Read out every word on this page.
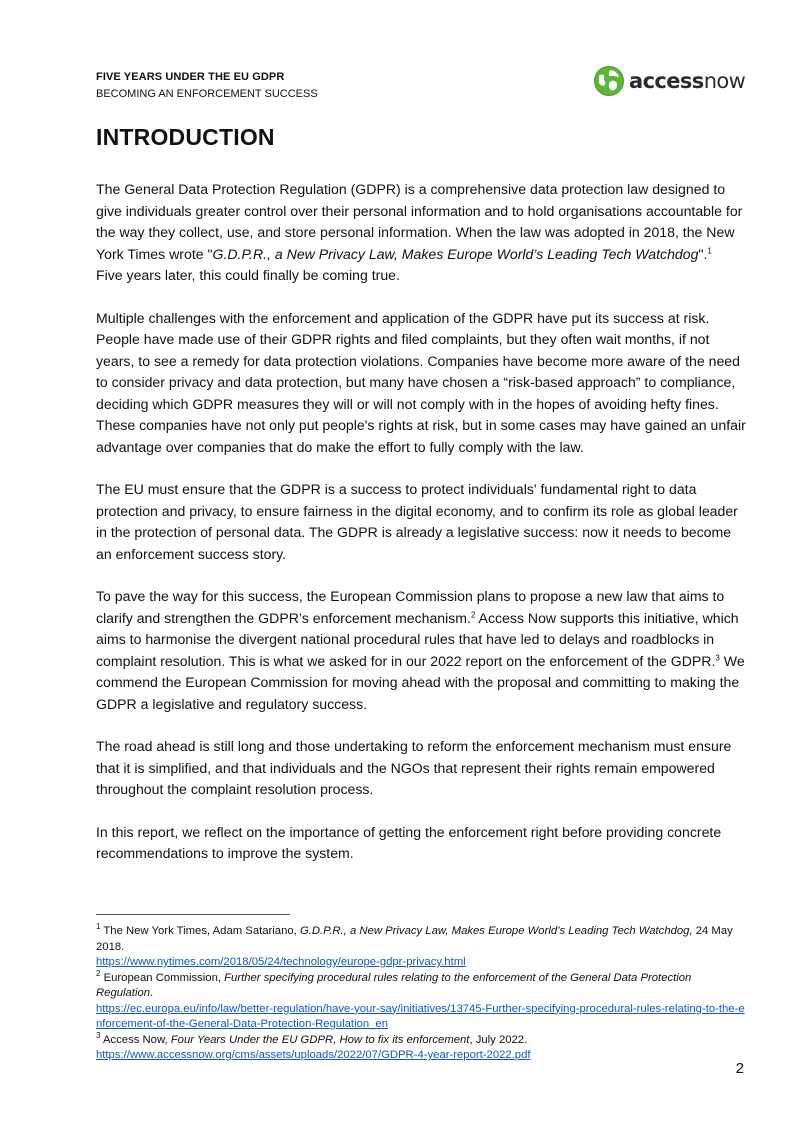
FIVE YEARS UNDER THE EU GDPR
BECOMING AN ENFORCEMENT SUCCESS
accessnow
INTRODUCTION

The General Data Protection Regulation (GDPR) is a comprehensive data protection law designed to give individuals greater control over their personal information and to hold organisations accountable for the way they collect, use, and store personal information. When the law was adopted in 2018, the New York Times wrote "G.D.P.R., a New Privacy Law, Makes Europe World’s Leading Tech Watchdog".$^1$
Five years later, this could finally be coming true.

Multiple challenges with the enforcement and application of the GDPR have put its success at risk. People have made use of their GDPR rights and filed complaints, but they often wait months, if not years, to see a remedy for data protection violations. Companies have become more aware of the need to consider privacy and data protection, but many have chosen a “risk-based approach” to compliance, deciding which GDPR measures they will or will not comply with in the hopes of avoiding hefty fines. These companies have not only put people's rights at risk, but in some cases may have gained an unfair advantage over companies that do make the effort to fully comply with the law.

The EU must ensure that the GDPR is a success to protect individuals' fundamental right to data protection and privacy, to ensure fairness in the digital economy, and to confirm its role as global leader in the protection of personal data. The GDPR is already a legislative success: now it needs to become an enforcement success story.

To pave the way for this success, the European Commission plans to propose a new law that aims to clarify and strengthen the GDPR’s enforcement mechanism.$^2$ Access Now supports this initiative, which aims to harmonise the divergent national procedural rules that have led to delays and roadblocks in complaint resolution. This is what we asked for in our 2022 report on the enforcement of the GDPR.$^3$ We commend the European Commission for moving ahead with the proposal and committing to making the GDPR a legislative and regulatory success.

The road ahead is still long and those undertaking to reform the enforcement mechanism must ensure that it is simplified, and that individuals and the NGOs that represent their rights remain empowered throughout the complaint resolution process.

In this report, we reflect on the importance of getting the enforcement right before providing concrete recommendations to improve the system.

$^1$ The New York Times, Adam Satariano, G.D.P.R., a New Privacy Law, Makes Europe World’s Leading Tech Watchdog, 24 May 2018.
https://www.nytimes.com/2018/05/24/technology/europe-gdpr-privacy.html

$^2$ European Commission, Further specifying procedural rules relating to the enforcement of the General Data Protection Regulation.
https://ec.europa.eu/info/law/better-regulation/have-your-say/initiatives/13745-Further-specifying-procedural-rules-relating-to-the-enforcement-of-the-General-Data-Protection-Regulation_en

$^3$ Access Now, Four Years Under the EU GDPR, How to fix its enforcement, July 2022.
https://www.accessnow.org/cms/assets/uploads/2022/07/GDPR-4-year-report-2022.pdf

2
